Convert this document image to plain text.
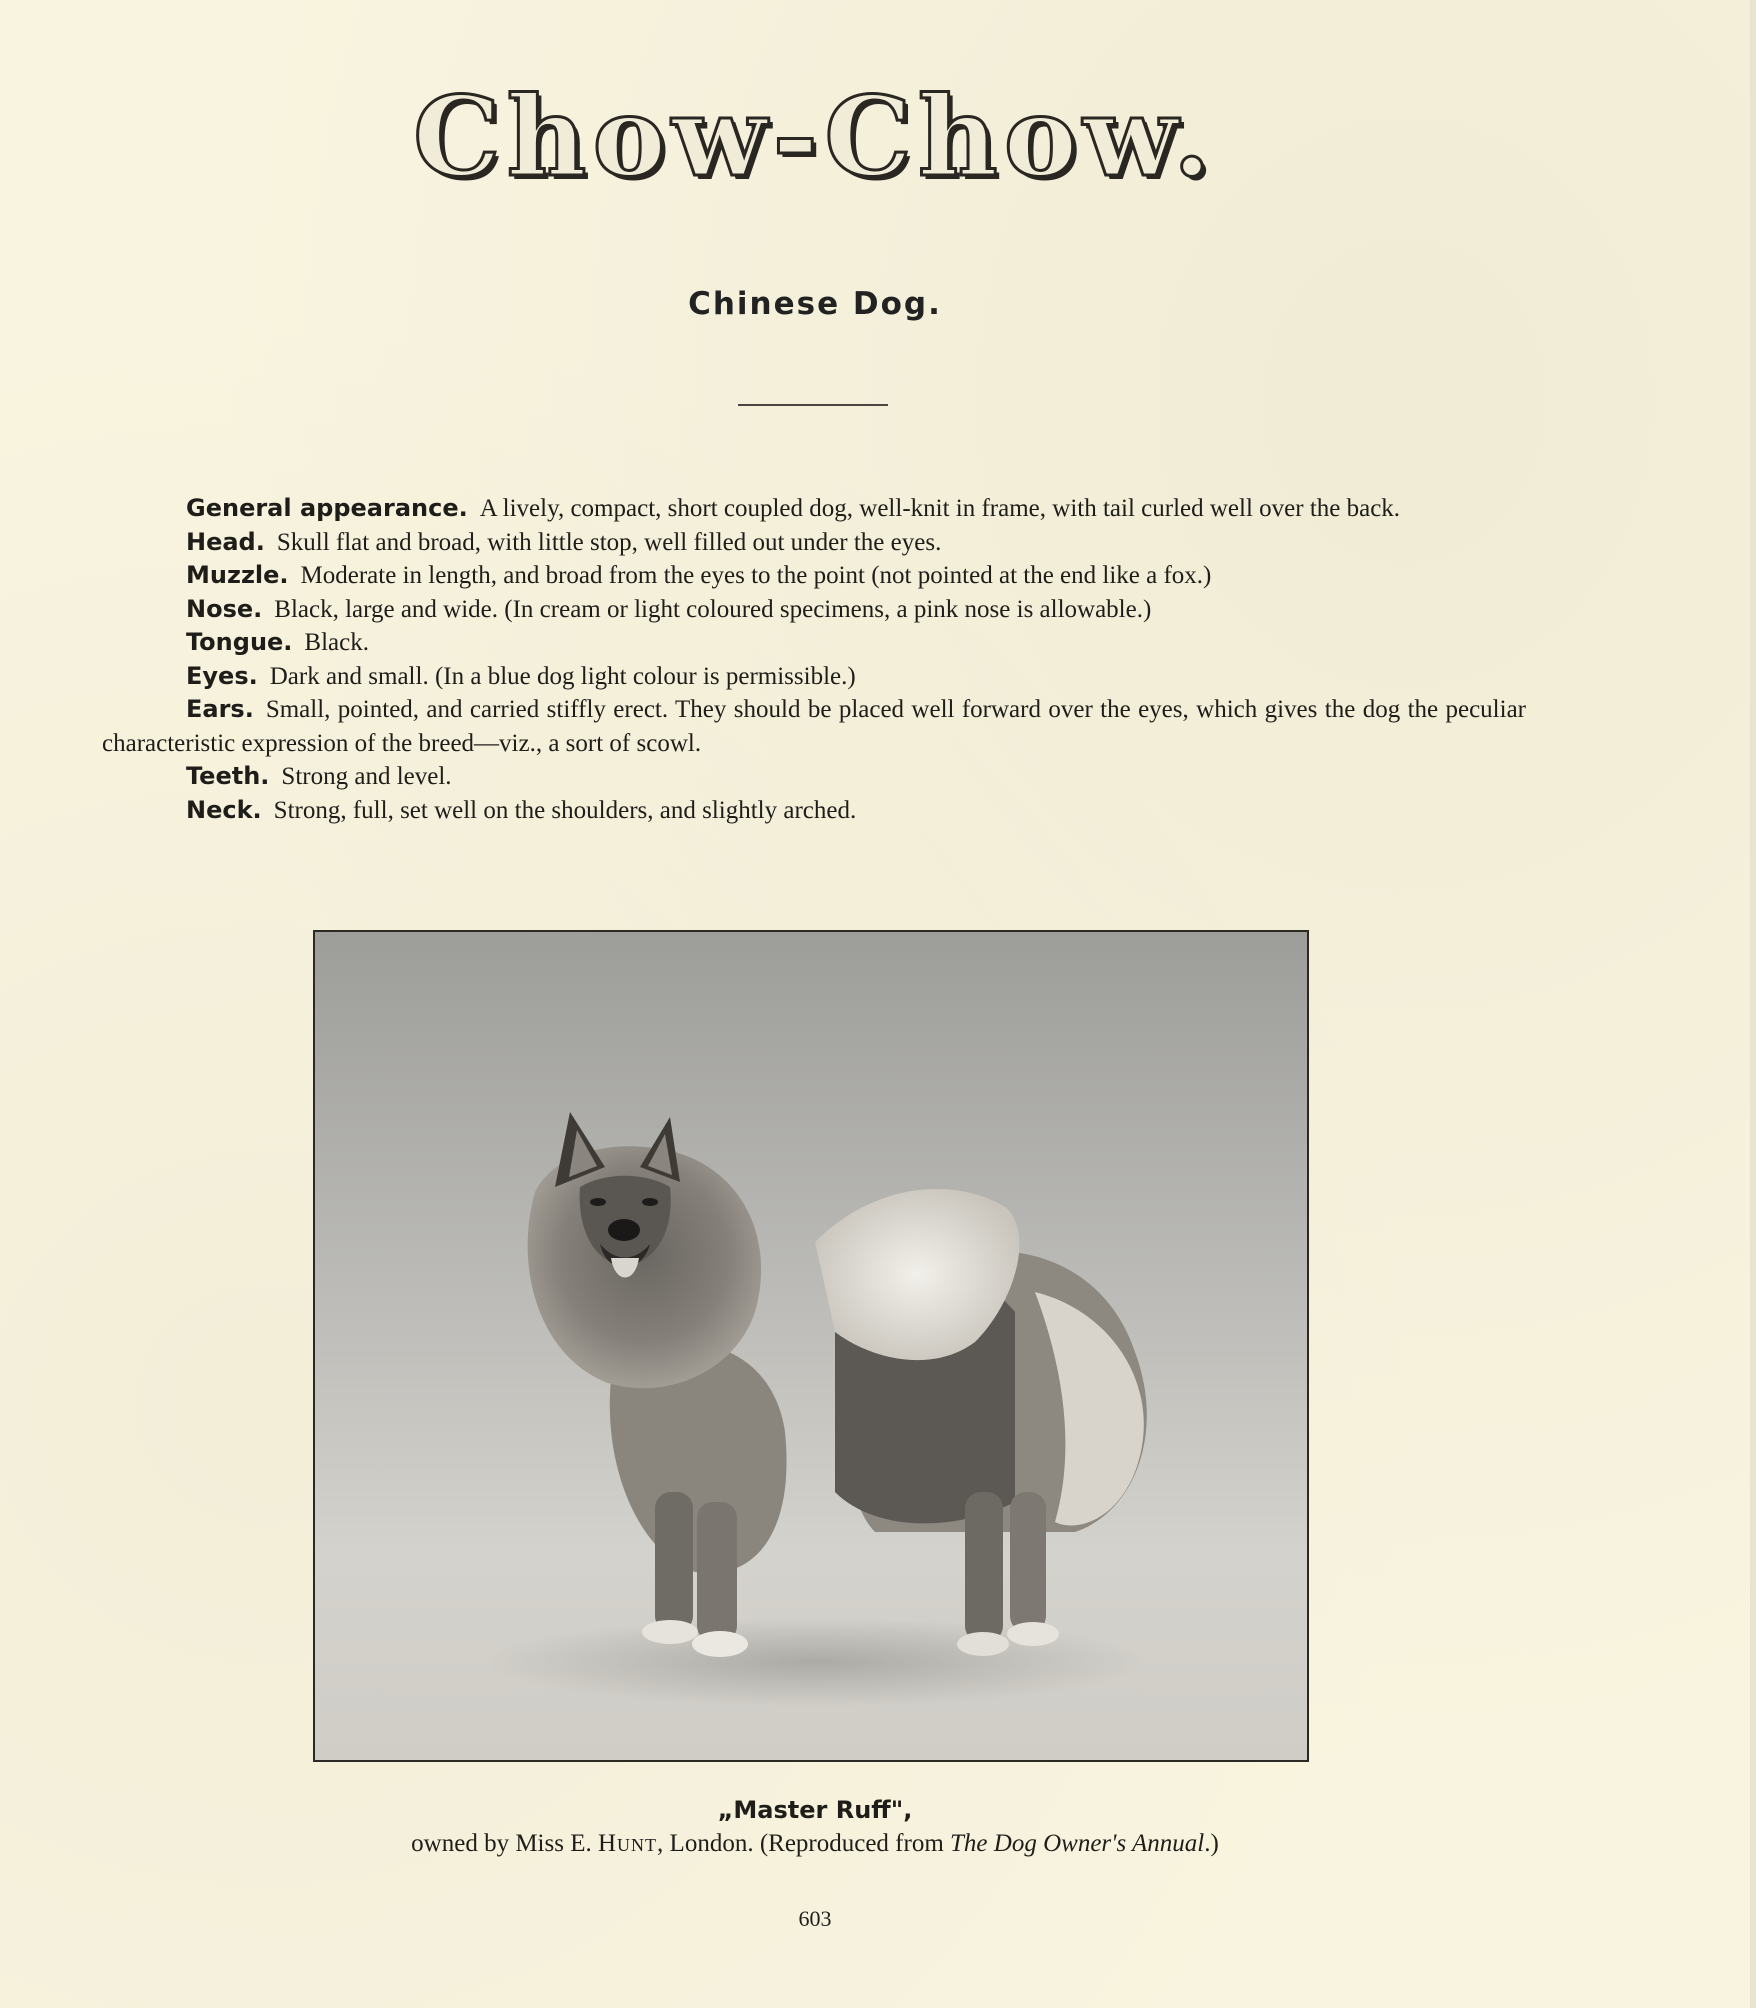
Chow-Chow.
Chinese Dog.

General appearance. A lively, compact, short coupled dog, well-knit in frame, with tail curled well over the back.

Head. Skull flat and broad, with little stop, well filled out under the eyes.

Muzzle. Moderate in length, and broad from the eyes to the point (not pointed at the end like a fox.)

Nose. Black, large and wide. (In cream or light coloured specimens, a pink nose is allowable.)

Tongue. Black.

Eyes. Dark and small. (In a blue dog light colour is permissible.)

Ears. Small, pointed, and carried stiffly erect. They should be placed well forward over the eyes, which gives the dog the peculiar characteristic expression of the breed—viz., a sort of scowl.

Teeth. Strong and level.

Neck. Strong, full, set well on the shoulders, and slightly arched.

„Master Ruff",
owned by Miss E. Hunt, London. (Reproduced from The Dog Owner's Annual.)
603
